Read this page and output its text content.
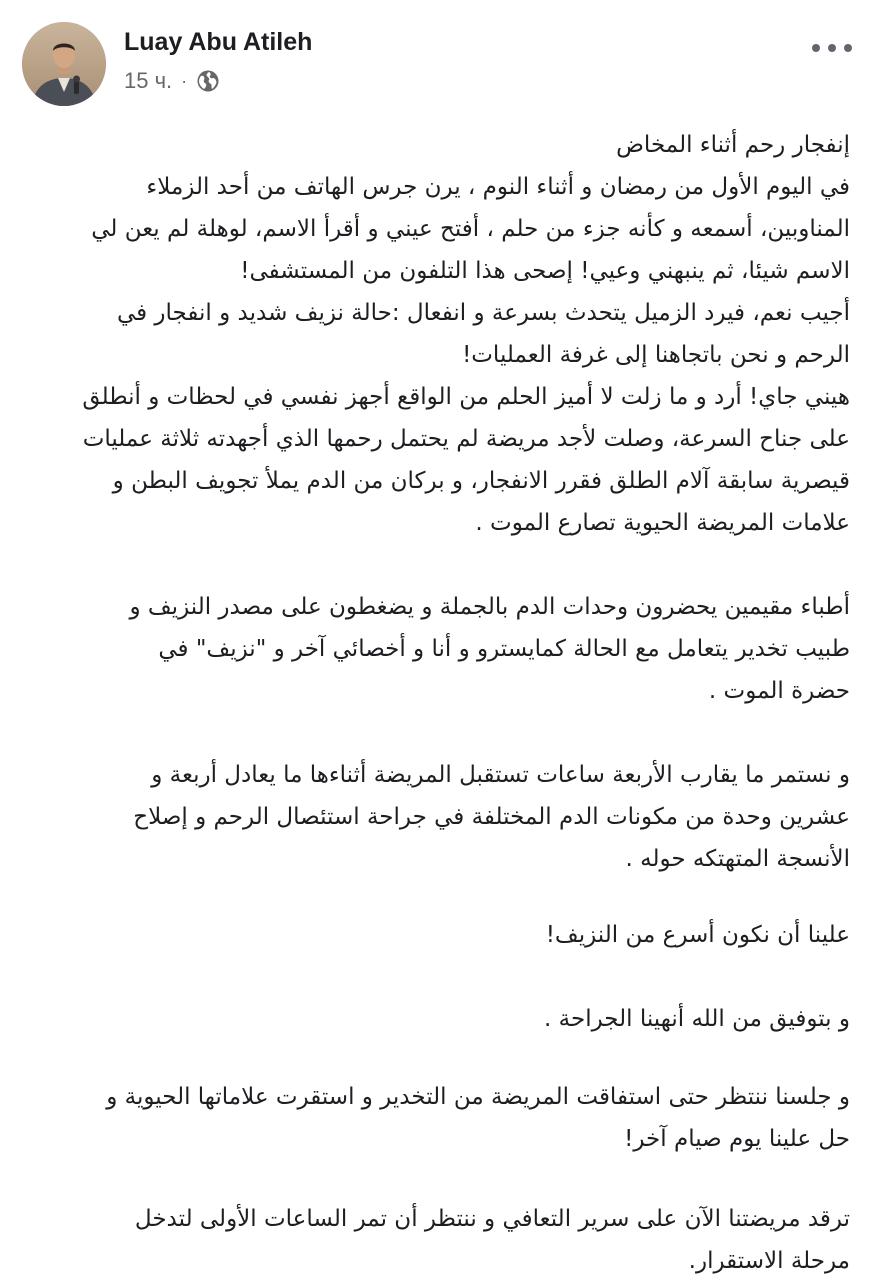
Luay Abu Atileh
15 ч. ·
إنفجار رحم أثناء المخاض
في اليوم الأول من رمضان و أثناء النوم ، يرن جرس الهاتف من أحد الزملاء
المناوبين، أسمعه و كأنه جزء من حلم ، أفتح عيني و أقرأ الاسم، لوهلة لم يعن لي
الاسم شيئا، ثم ينبهني وعيي! إصحى هذا التلفون من المستشفى!
أجيب نعم، فيرد الزميل يتحدث بسرعة و انفعال :حالة نزيف شديد و انفجار في
الرحم و نحن باتجاهنا إلى غرفة العمليات!
هيني جاي! أرد و ما زلت لا أميز الحلم من الواقع أجهز نفسي في لحظات و أنطلق
على جناح السرعة، وصلت لأجد مريضة لم يحتمل رحمها الذي أجهدته ثلاثة عمليات
قيصرية سابقة آلام الطلق فقرر الانفجار، و بركان من الدم يملأ تجويف البطن و
علامات المريضة الحيوية تصارع الموت .
أطباء مقيمين يحضرون وحدات الدم بالجملة و يضغطون على مصدر النزيف و
طبيب تخدير يتعامل مع الحالة كمايسترو و أنا و أخصائي آخر و "نزيف" في
حضرة الموت .
و نستمر ما يقارب الأربعة ساعات تستقبل المريضة أثناءها ما يعادل أربعة و
عشرين وحدة من مكونات الدم المختلفة في جراحة استئصال الرحم و إصلاح
الأنسجة المتهتكه حوله .
علينا أن نكون أسرع من النزيف!
و بتوفيق من الله أنهينا الجراحة .
و جلسنا ننتظر حتى استفاقت المريضة من التخدير و استقرت علاماتها الحيوية و
حل علينا يوم صيام آخر!
ترقد مريضتنا الآن على سرير التعافي و ننتظر أن تمر الساعات الأولى لتدخل
مرحلة الاستقرار.
